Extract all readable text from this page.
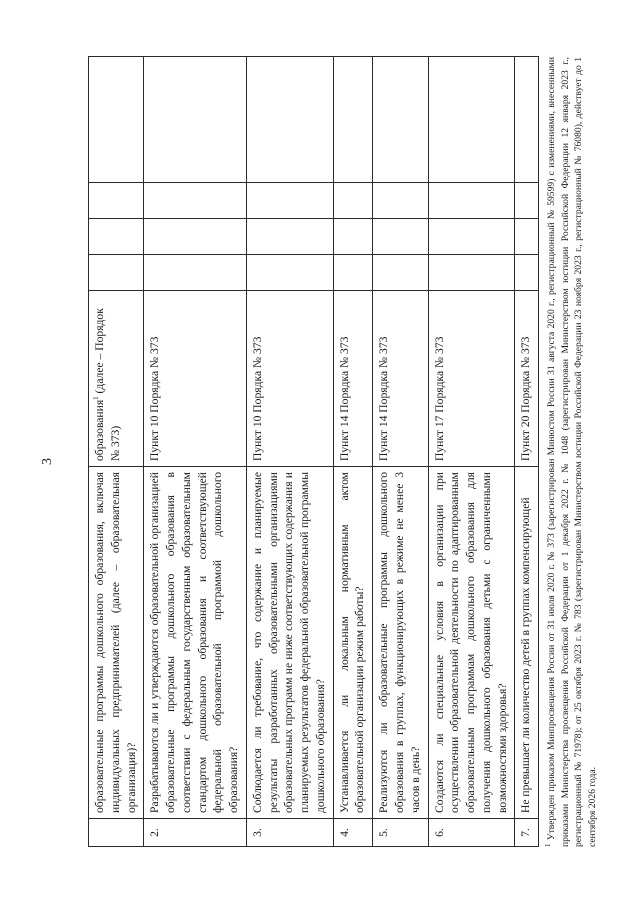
3
	образовательные программы дошкольного образования, включая индивидуальных предпринимателей (далее – образовательная организация)?	образования$^1$ (далее – Порядок № 373)				
2.	Разрабатываются ли и утверждаются образовательной организацией образовательные программы дошкольного образования в соответствии с федеральным государственным образовательным стандартом дошкольного образования и соответствующей федеральной образовательной программой дошкольного образования?	Пункт 10 Порядка № 373				
3.	Соблюдается ли требование, что содержание и планируемые результаты разработанных образовательными организациями образовательных программ не ниже соответствующих содержания и планируемых результатов федеральной образовательной программы дошкольного образования?	Пункт 10 Порядка № 373				
4.	Устанавливается ли локальным нормативным актом образовательной организации режим работы?	Пункт 14 Порядка № 373				
5.	Реализуются ли образовательные программы дошкольного образования в группах, функционирующих в режиме не менее 3 часов в день?	Пункт 14 Порядка № 373				
6.	Создаются ли специальные условия в организации при осуществлении образовательной деятельности по адаптированным образовательным программам дошкольного образования для получения дошкольного образования детьми с ограниченными возможностями здоровья?	Пункт 17 Порядка № 373				
7.	Не превышает ли количество детей в группах компенсирующей	Пункт 20 Порядка № 373				
$^1$ Утвержден приказом Минпросвещения России от 31 июля 2020 г. № 373 (зарегистрирован Минюстом России 31 августа 2020 г., регистрационный № 59599) с изменениями, внесенными приказами Министерства просвещения Российской Федерации от 1 декабря 2022 г. № 1048 (зарегистрирован Министерством юстиции Российской Федерации 12 января 2023 г., регистрационный № 71978); от 25 октября 2023 г. № 783 (зарегистрирован Министерством юстиции Российской Федерации 23 ноября 2023 г., регистрационный № 76080), действует до 1 сентября 2026 года.
